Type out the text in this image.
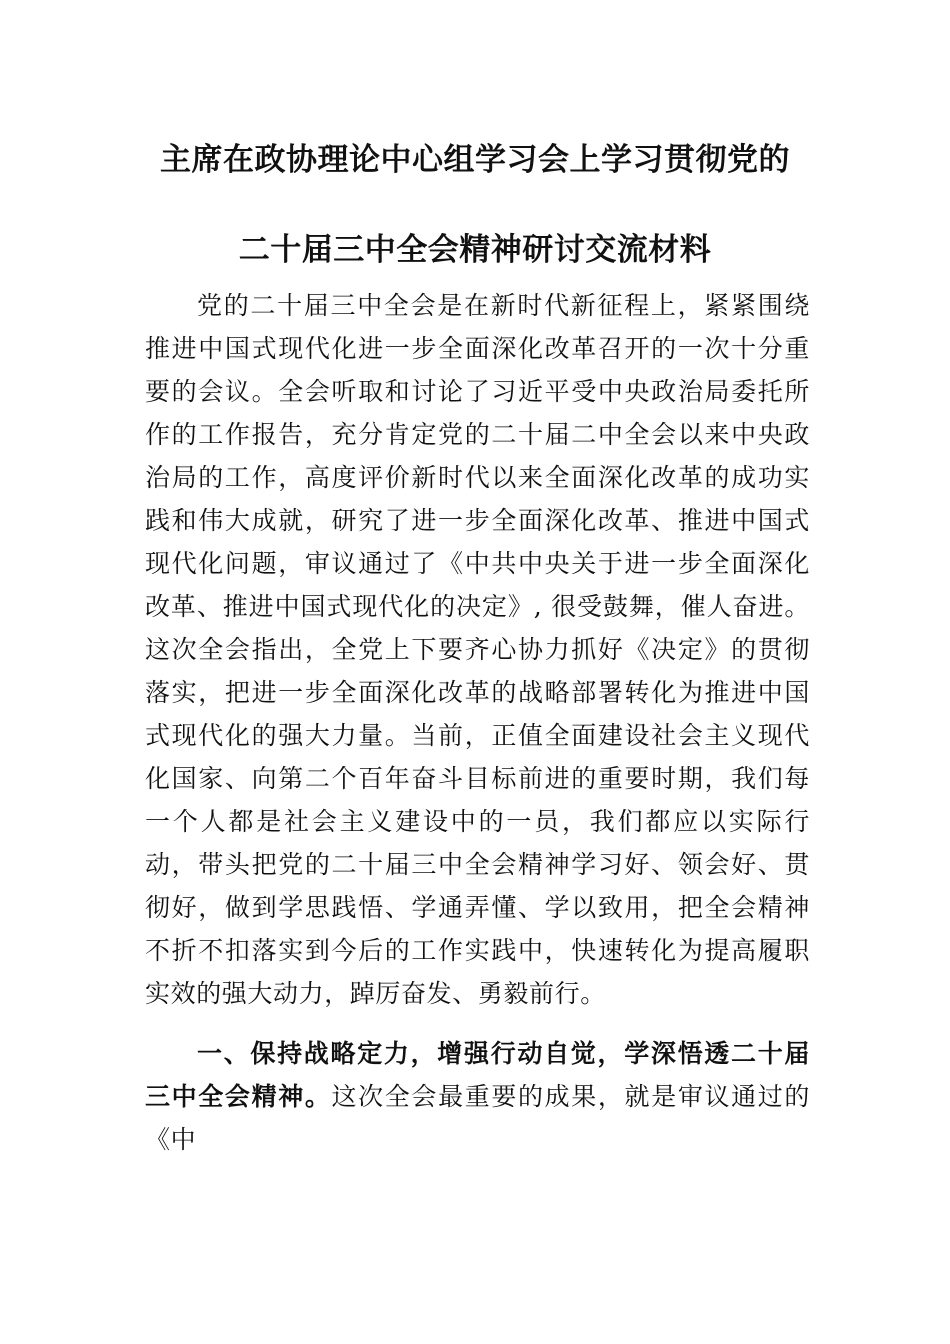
主席在政协理论中心组学习会上学习贯彻党的
二十届三中全会精神研讨交流材料

党的二十届三中全会是在新时代新征程上，紧紧围绕推进中国式现代化进一步全面深化改革召开的一次十分重要的会议。全会听取和讨论了习近平受中央政治局委托所作的工作报告，充分肯定党的二十届二中全会以来中央政治局的工作，高度评价新时代以来全面深化改革的成功实践和伟大成就，研究了进一步全面深化改革、推进中国式现代化问题，审议通过了《中共中央关于进一步全面深化改革、推进中国式现代化的决定》, 很受鼓舞，催人奋进。这次全会指出，全党上下要齐心协力抓好《决定》的贯彻落实，把进一步全面深化改革的战略部署转化为推进中国式现代化的强大力量。当前，正值全面建设社会主义现代化国家、向第二个百年奋斗目标前进的重要时期，我们每一个人都是社会主义建设中的一员，我们都应以实际行动，带头把党的二十届三中全会精神学习好、领会好、贯彻好，做到学思践悟、学通弄懂、学以致用，把全会精神不折不扣落实到今后的工作实践中，快速转化为提高履职实效的强大动力，踔厉奋发、勇毅前行。

一、保持战略定力，增强行动自觉，学深悟透二十届三中全会精神。这次全会最重要的成果，就是审议通过的《中
